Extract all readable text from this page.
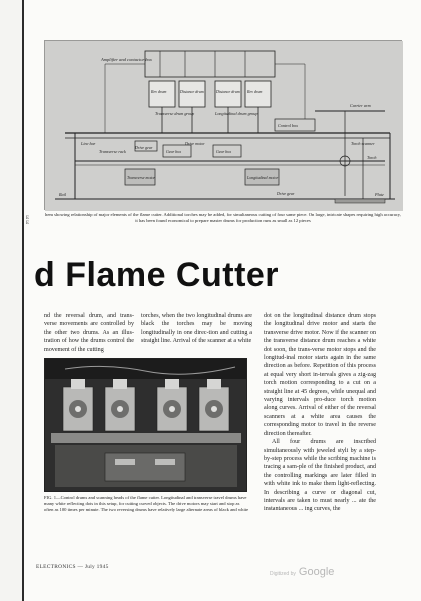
Amplifier and contactor box
Rev drum	Distance drum	Distance drum Rev drum
Transverse drum group	Longitudinal drum group
Control box
Carrier arm
Torch scanner
Torch
Drive gear
Line bar
Transverse rack	Gear box	Gear box
Drive motor
Transverse motor	Longitudinal motor
Drive gear
Rail	Plate
hem showing relationship of major elements of the flame cutter. Additional torches may be added, for simultaneous cutting of four same piece. On large, intricate shapes requiring high accuracy, it has been found economical to prepare master drums for production runs as small as 12 pieces
E
E
d Flame Cutter

nd the reversal drum, and trans-verse movements are controlled by the other two drums. As an illus-tration of how the drums control the movement of the cutting

torches, when the two longitudinal drums are black the torches may be moving longitudinally in one direc-tion and cutting a straight line. Arrival of the scanner at a white

dot on the longitudinal distance drum stops the longitudinal drive motor and starts the transverse drive motor. Now if the scanner on the transverse distance drum reaches a white dot soon, the trans-verse motor stops and the longitud-inal motor starts again in the same direction as before. Repetition of this process at equal very short in-tervals gives a zig-zag torch motion corresponding to a cut on a straight line at 45 degrees, while unequal and varying intervals pro-duce torch motion along curves. Arrival of either of the reversal scanners at a white area causes the corresponding motor to travel in the reverse direction thereafter.

All four drums are inscribed simultaneously with jeweled styli by a step-by-step process while the scribing machine is tracing a sam-ple of the finished product, and the controlling markings are later filled in with white ink to make them light-reflecting. In describing a curve or diagonal cut, intervals are taken to must nearly ... ate the instantaneous ... ing curves, the

FIG. 1—Control drums and scanning heads of the flame cutter. Longitudinal and transverse travel drums have many white reflecting dots in this setup, for cutting curved objects. The drive motors may start and stop as often as 100 times per minute. The two reversing drums have relatively large alternate areas of black and white
ELECTRONICS — July 1945
Digitized by Google
